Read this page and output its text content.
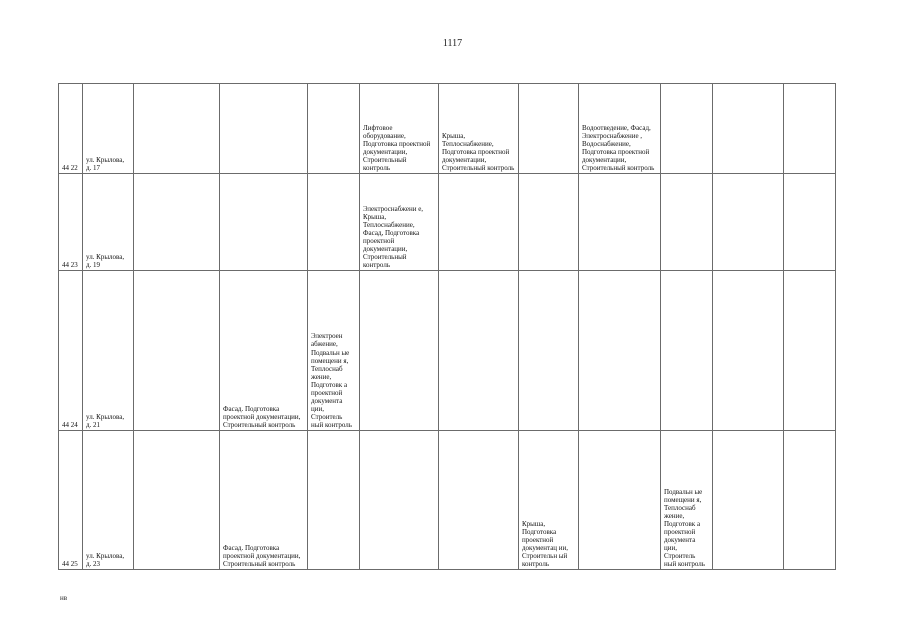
1117
44 22	ул. Крылова, д. 17				Лифтовое оборудование, Подготовка проектной документации, Строительный контроль	Крыша, Теплоснабжение, Подготовка проектной документации, Строительный контроль		Водоотведение, Фасад, Электроснабжение , Водоснабжение, Подготовка проектной документации, Строительный контроль			
44 23	ул. Крылова, д. 19				Электроснабжени е, Крыша, Теплоснабжение, Фасад, Подготовка проектной документации, Строительный контроль						
44 24	ул. Крылова, д. 21		Фасад. Подготовка проектной документации, Строительный контроль	Электроен абжение, Подвальн ые помещени я, Теплоснаб жение, Подготовк а проектной документа ции, Строитель ный контроль							
44 25	ул. Крылова, д. 23		Фасад. Подготовка проектной документации, Строительный контроль				Крыша, Подготовка проектной документац ии, Строительн ый контроль		Подвальн ые помещени я, Теплоснаб жение, Подготовк а проектной документа ции, Строитель ный контроль		
нв
